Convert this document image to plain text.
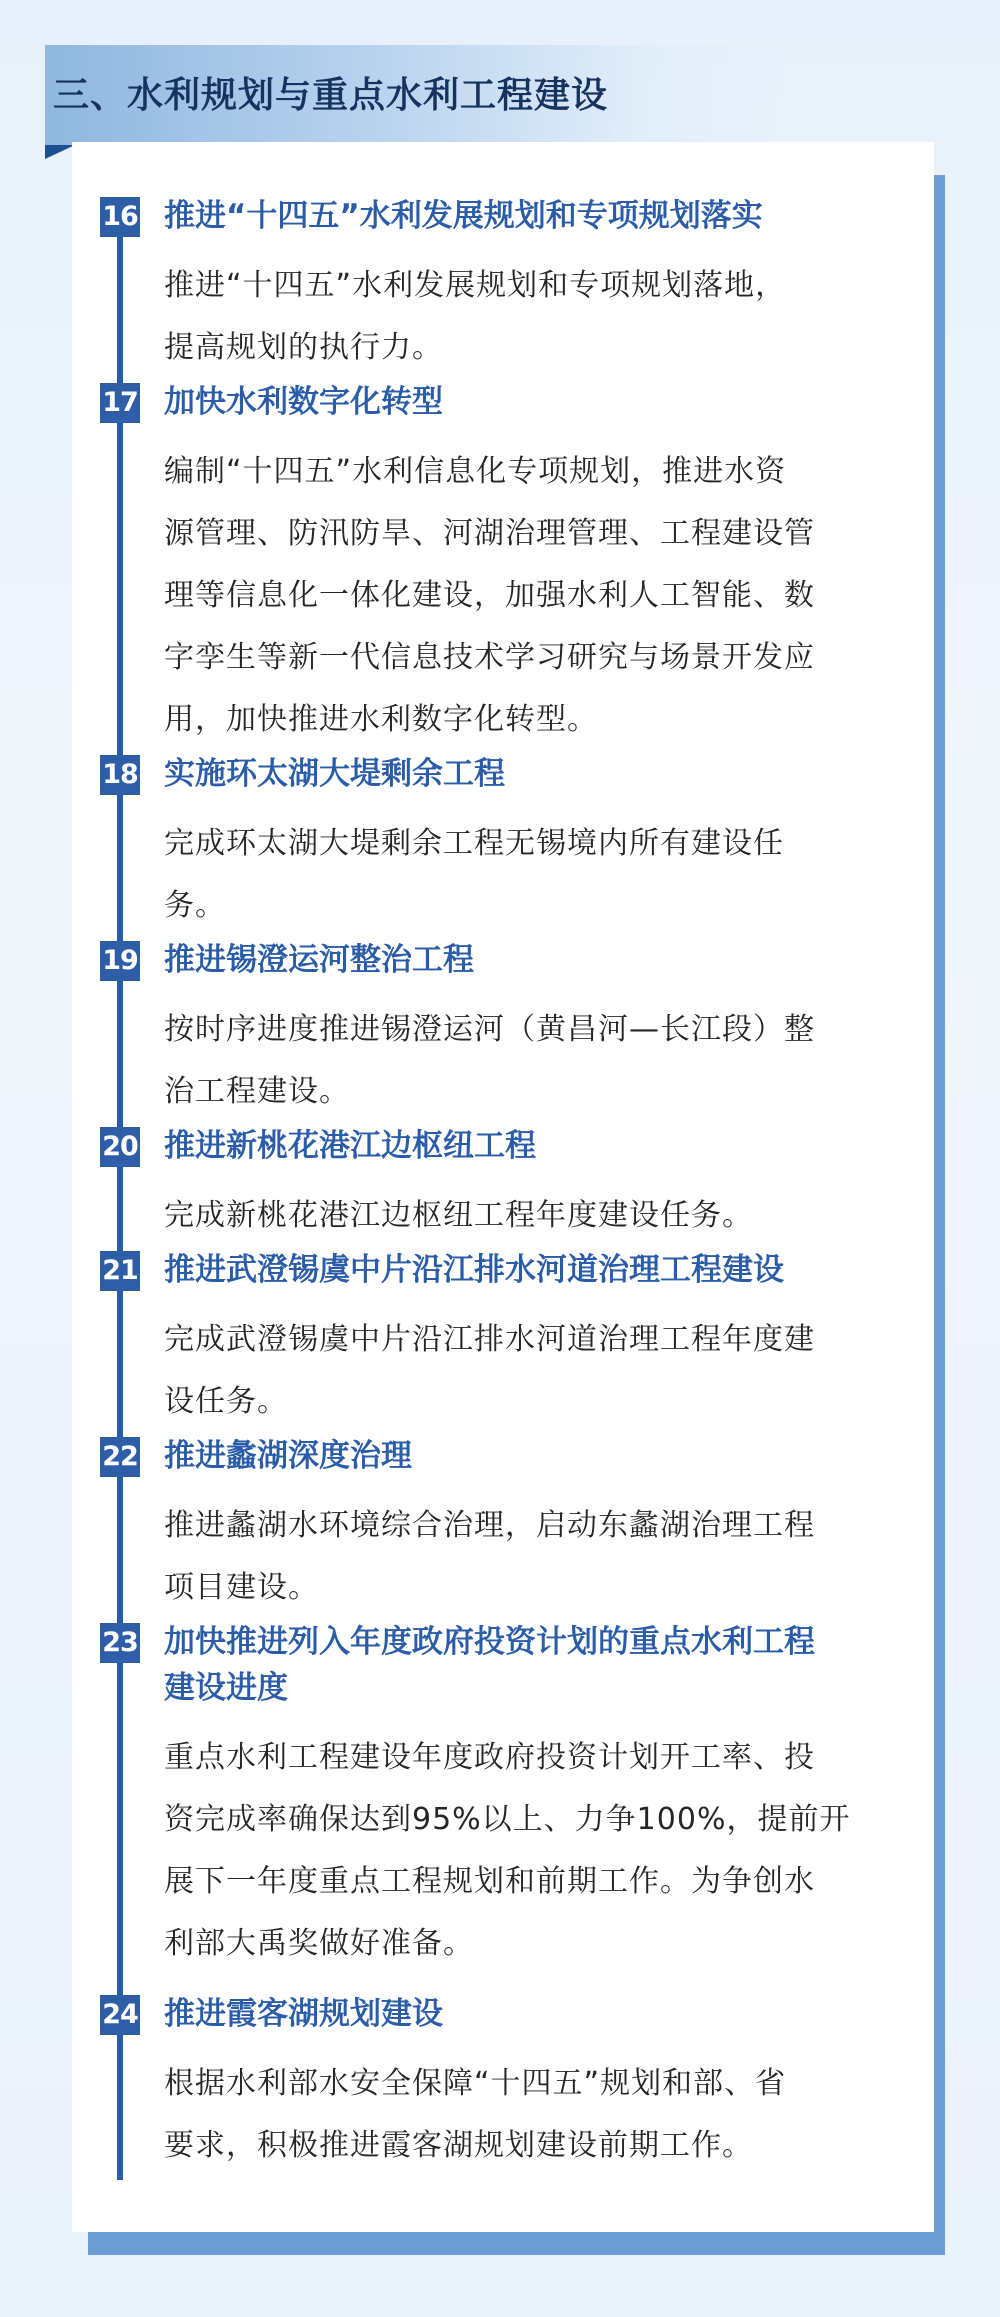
三、水利规划与重点水利工程建设
16 推进“十四五”水利发展规划和专项规划落实
推进“十四五”水利发展规划和专项规划落地，
提高规划的执行力。
17 加快水利数字化转型
编制“十四五”水利信息化专项规划，推进水资
源管理、防汛防旱、河湖治理管理、工程建设管
理等信息化一体化建设，加强水利人工智能、数
字孪生等新一代信息技术学习研究与场景开发应
用，加快推进水利数字化转型。
18 实施环太湖大堤剩余工程
完成环太湖大堤剩余工程无锡境内所有建设任
务。
19 推进锡澄运河整治工程
按时序进度推进锡澄运河（黄昌河—长江段）整
治工程建设。
20 推进新桃花港江边枢纽工程
完成新桃花港江边枢纽工程年度建设任务。
21 推进武澄锡虞中片沿江排水河道治理工程建设
完成武澄锡虞中片沿江排水河道治理工程年度建
设任务。
22 推进蠡湖深度治理
推进蠡湖水环境综合治理，启动东蠡湖治理工程
项目建设。
23 加快推进列入年度政府投资计划的重点水利工程
建设进度
重点水利工程建设年度政府投资计划开工率、投
资完成率确保达到95%以上、力争100%，提前开
展下一年度重点工程规划和前期工作。为争创水
利部大禹奖做好准备。
24 推进霞客湖规划建设
根据水利部水安全保障“十四五”规划和部、省
要求，积极推进霞客湖规划建设前期工作。
